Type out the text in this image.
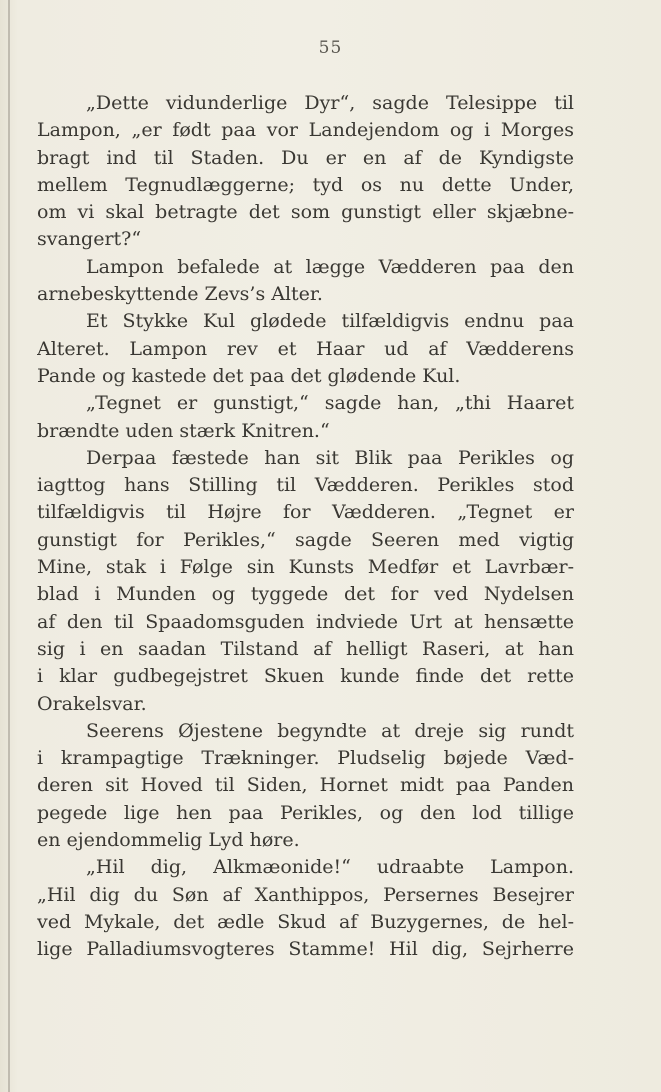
55
„Dette vidunderlige Dyr“, sagde Telesippe til
Lampon, „er født paa vor Landejendom og i Morges
bragt ind til Staden. Du er en af de Kyndigste
mellem Tegnudlæggerne; tyd os nu dette Under,
om vi skal betragte det som gunstigt eller skjæbne-
svangert?“
Lampon befalede at lægge Vædderen paa den
arnebeskyttende Zevs’s Alter.
Et Stykke Kul glødede tilfældigvis endnu paa
Alteret. Lampon rev et Haar ud af Vædderens
Pande og kastede det paa det glødende Kul.
„Tegnet er gunstigt,“ sagde han, „thi Haaret
brændte uden stærk Knitren.“
Derpaa fæstede han sit Blik paa Perikles og
iagttog hans Stilling til Vædderen. Perikles stod
tilfældigvis til Højre for Vædderen. „Tegnet er
gunstigt for Perikles,“ sagde Seeren med vigtig
Mine, stak i Følge sin Kunsts Medfør et Lavrbær-
blad i Munden og tyggede det for ved Nydelsen
af den til Spaadomsguden indviede Urt at hensætte
sig i en saadan Tilstand af helligt Raseri, at han
i klar gudbegejstret Skuen kunde finde det rette
Orakelsvar.
Seerens Øjestene begyndte at dreje sig rundt
i krampagtige Trækninger. Pludselig bøjede Væd-
deren sit Hoved til Siden, Hornet midt paa Panden
pegede lige hen paa Perikles, og den lod tillige
en ejendommelig Lyd høre.
„Hil dig, Alkmæonide!“ udraabte Lampon.
„Hil dig du Søn af Xanthippos, Persernes Besejrer
ved Mykale, det ædle Skud af Buzygernes, de hel-
lige Palladiumsvogteres Stamme! Hil dig, Sejrherre
